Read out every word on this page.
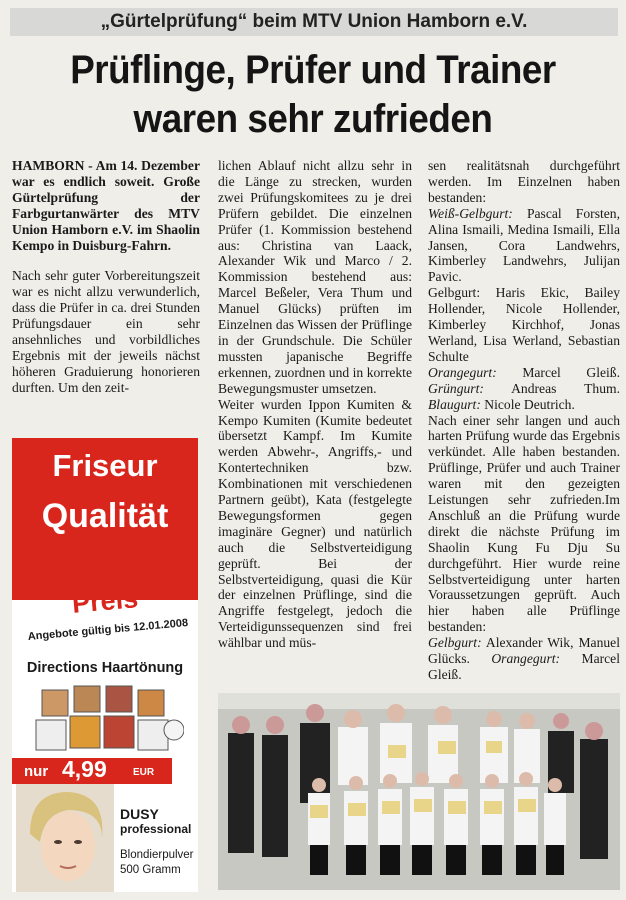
„Gürtelprüfung“ beim MTV Union Hamborn e.V.
Prüflinge, Prüfer und Trainer
waren sehr zufrieden

HAMBORN - Am 14. Dezember war es endlich soweit. Große Gürtelprüfung der Farbgurtanwärter des MTV Union Hamborn e.V. im Shaolin Kempo in Duisburg-Fahrn.

Nach sehr guter Vorbereitungszeit war es nicht allzu verwunderlich, dass die Prüfer in ca. drei Stunden Prüfungsdauer ein sehr ansehnliches und vorbildliches Ergebnis mit der jeweils nächst höheren Graduierung honorieren durften. Um den zeit-

lichen Ablauf nicht allzu sehr in die Länge zu strecken, wurden zwei Prüfungskomitees zu je drei Prüfern gebildet. Die einzelnen Prüfer (1. Kommission bestehend aus: Christina van Laack, Alexander Wik und Marco / 2. Kommission bestehend aus: Marcel Beßeler, Vera Thum und Manuel Glücks) prüften im Einzelnen das Wissen der Prüflinge in der Grundschule. Die Schüler mussten japanische Begriffe erkennen, zuordnen und in korrekte Bewegungsmuster umsetzen.

Weiter wurden Ippon Kumiten & Kempo Kumiten (Kumite bedeutet übersetzt Kampf. Im Kumite werden Abwehr-, Angriffs,- und Kontertechniken bzw. Kombinationen mit verschiedenen Partnern geübt), Kata (festgelegte Bewegungsformen gegen imaginäre Gegner) und natürlich auch die Selbstverteidigung geprüft. Bei der Selbstverteidigung, quasi die Kür der einzelnen Prüflinge, sind die Angriffe festgelegt, jedoch die Verteidigunssequenzen sind frei wählbar und müs-

sen realitätsnah durchgeführt werden. Im Einzelnen haben bestanden:

Weiß-Gelbgurt: Pascal Forsten, Alina Ismaili, Medina Ismaili, Ella Jansen, Cora Landwehrs, Kimberley Landwehrs, Julijan Pavic.

Gelbgurt: Haris Ekic, Bailey Hollender, Nicole Hollender, Kimberley Kirchhof, Jonas Werland, Lisa Werland, Sebastian Schulte

Orangegurt: Marcel Gleiß. Grüngurt: Andreas Thum. Blaugurt: Nicole Deutrich.

Nach einer sehr langen und auch harten Prüfung wurde das Ergebnis verkündet. Alle haben bestanden. Prüflinge, Prüfer und auch Trainer waren mit den gezeigten Leistungen sehr zufrieden.Im Anschluß an die Prüfung wurde direkt die nächste Prüfung im Shaolin Kung Fu Dju Su durchgeführt. Hier wurde reine Selbstverteidigung unter harten Voraussetzungen geprüft. Auch hier haben alle Prüflinge bestanden:

Gelbgurt: Alexander Wik, Manuel Glücks. Orangegurt: Marcel Gleiß.

Friseur
Qualität
zum besten
Preis
Angebote gültig bis 12.01.2008
Directions Haartönung
nur 4,99	EUR
DUSY
professional
Blondierpulver
500 Gramm
